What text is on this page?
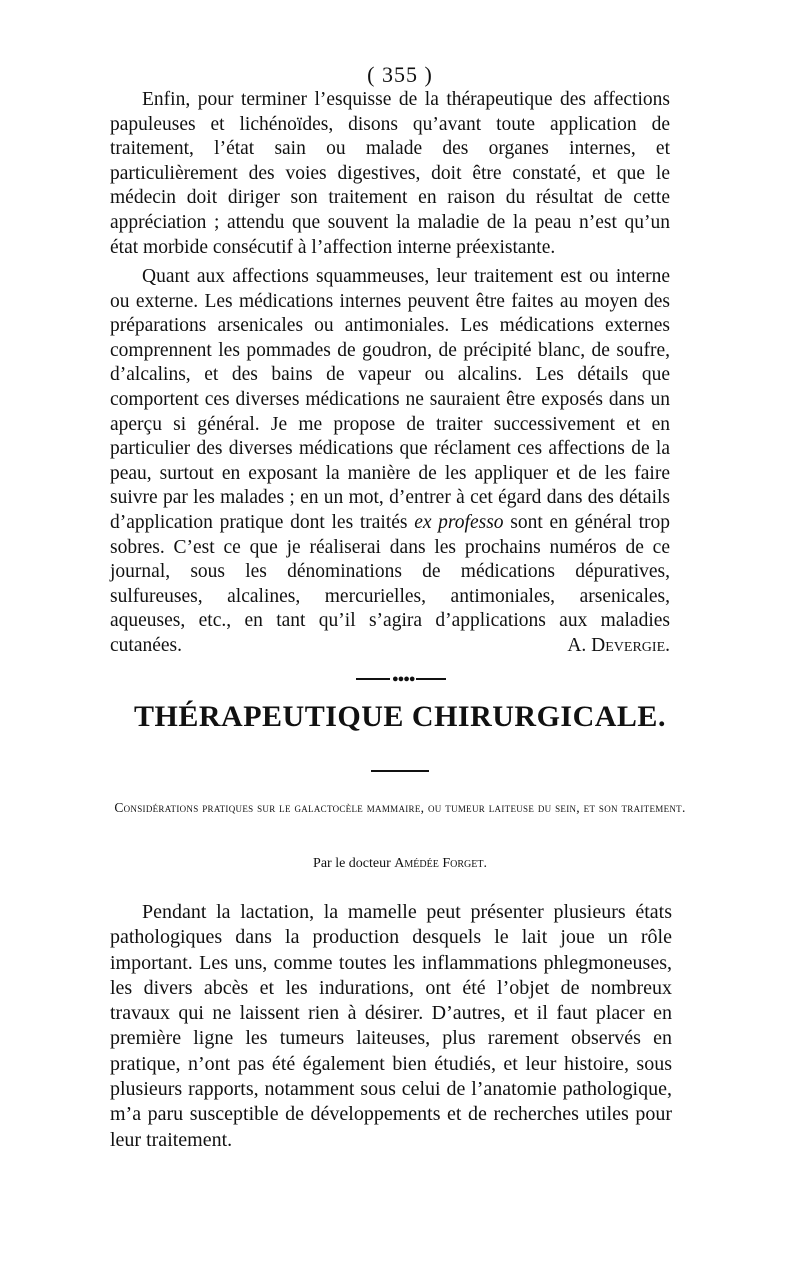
( 355 )

Enfin, pour terminer l’esquisse de la thérapeutique des affections papuleuses et lichénoïdes, disons qu’avant toute application de traitement, l’état sain ou malade des organes internes, et particulièrement des voies digestives, doit être constaté, et que le médecin doit diriger son traitement en raison du résultat de cette appréciation ; attendu que souvent la maladie de la peau n’est qu’un état morbide consécutif à l’affection interne préexistante.

Quant aux affections squammeuses, leur traitement est ou interne ou externe. Les médications internes peuvent être faites au moyen des préparations arsenicales ou antimoniales. Les médications externes comprennent les pommades de goudron, de précipité blanc, de soufre, d’alcalins, et des bains de vapeur ou alcalins. Les détails que comportent ces diverses médications ne sauraient être exposés dans un aperçu si général. Je me propose de traiter successivement et en particulier des diverses médications que réclament ces affections de la peau, surtout en exposant la manière de les appliquer et de les faire suivre par les malades ; en un mot, d’entrer à cet égard dans des détails d’application pratique dont les traités ex professo sont en général trop sobres. C’est ce que je réaliserai dans les prochains numéros de ce journal, sous les dénominations de médications dépuratives, sulfureuses, alcalines, mercurielles, antimoniales, arsenicales, aqueuses, etc., en tant qu’il s’agira d’applications aux maladies cutanées.	A. Devergie.

●●●●
THÉRAPEUTIQUE CHIRURGICALE.

Considérations pratiques sur le galactocèle mammaire, ou tumeur laiteuse du sein, et son traitement.

Par le docteur Amédée Forget.

Pendant la lactation, la mamelle peut présenter plusieurs états pathologiques dans la production desquels le lait joue un rôle important. Les uns, comme toutes les inflammations phlegmoneuses, les divers abcès et les indurations, ont été l’objet de nombreux travaux qui ne laissent rien à désirer. D’autres, et il faut placer en première ligne les tumeurs laiteuses, plus rarement observés en pratique, n’ont pas été également bien étudiés, et leur histoire, sous plusieurs rapports, notamment sous celui de l’anatomie pathologique, m’a paru susceptible de développements et de recherches utiles pour leur traitement.
